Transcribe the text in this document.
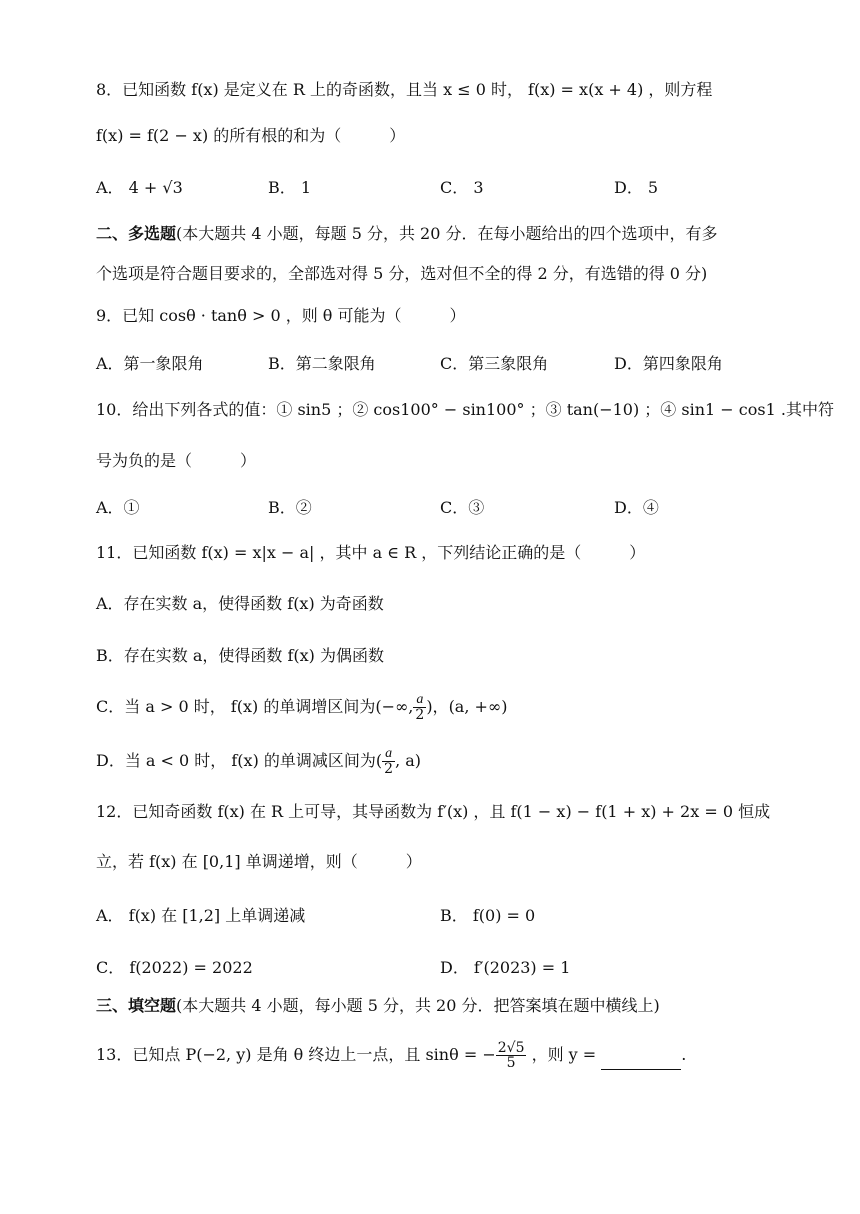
8．已知函数 f(x) 是定义在 R 上的奇函数，且当 x ≤ 0 时， f(x) = x(x + 4) ，则方程
f(x) = f(2 − x) 的所有根的和为（　　　）
A． 4 + √3	B． 1	C． 3	D． 5
二、多选题(本大题共 4 小题，每题 5 分，共 20 分．在每小题给出的四个选项中，有多
个选项是符合题目要求的，全部选对得 5 分，选对但不全的得 2 分，有选错的得 0 分)
9．已知 cosθ · tanθ > 0 ，则 θ 可能为（　　　）
A．第一象限角	B．第二象限角	C．第三象限角	D．第四象限角
10．给出下列各式的值：① sin5 ；② cos100° − sin100° ；③ tan(−10) ；④ sin1 − cos1 .其中符
号为负的是（　　　）
A．①	B．②	C．③	D．④
11．已知函数 f(x) = x|x − a| ，其中 a ∈ R ，下列结论正确的是（　　　）
A．存在实数 a，使得函数 f(x) 为奇函数
B．存在实数 a，使得函数 f(x) 为偶函数
C．当 a > 0 时， f(x) 的单调增区间为(−∞, $\frac{a}{2}$ )，(a, +∞)
D．当 a < 0 时， f(x) 的单调减区间为( $\frac{a}{2}$ , a)
12．已知奇函数 f(x) 在 R 上可导，其导函数为 f′(x) ，且 f(1 − x) − f(1 + x) + 2x = 0 恒成
立，若 f(x) 在 [0,1] 单调递增，则（　　　）
A． f(x) 在 [1,2] 上单调递减	B． f(0) = 0
C． f(2022) = 2022	D． f′(2023) = 1
三、填空题(本大题共 4 小题，每小题 5 分，共 20 分．把答案填在题中横线上)
13．已知点 P(−2, y) 是角 θ 终边上一点，且 sinθ = − $\frac{2√5}{5}$ ，则 y =	.
